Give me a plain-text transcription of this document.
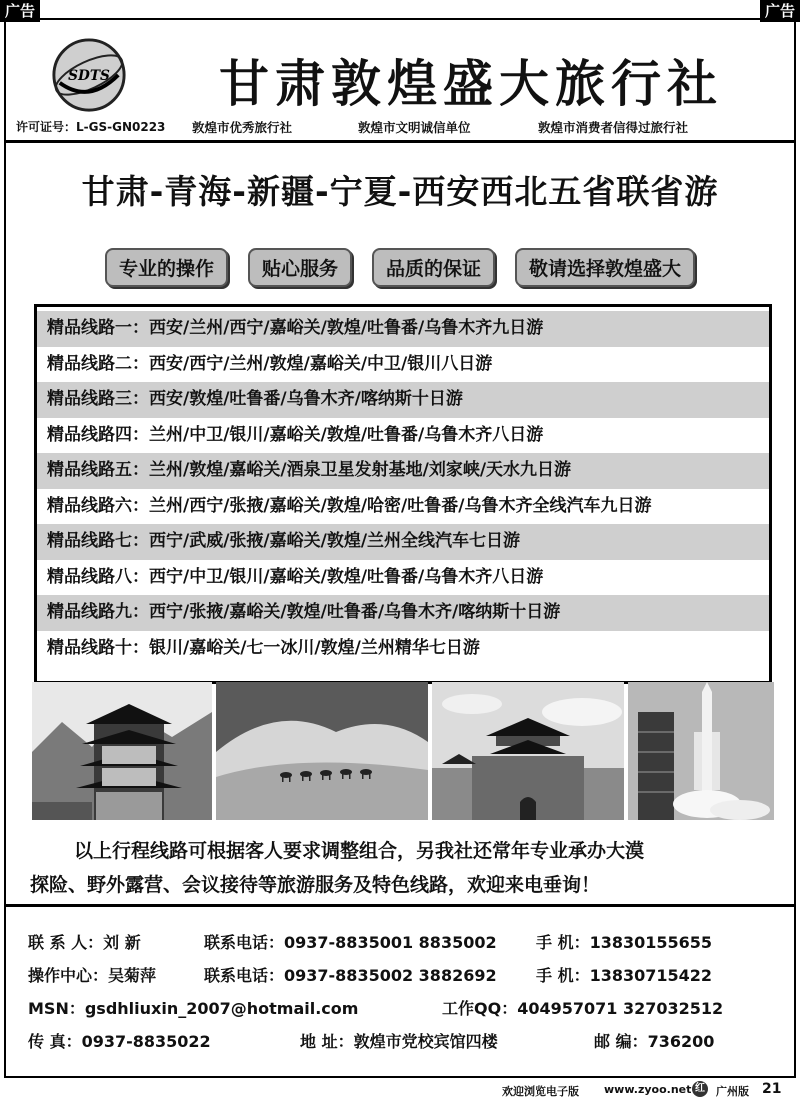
广告	广告
SDTS	甘肃敦煌盛大旅行社
许可证号：L-GS-GN0223 敦煌市优秀旅行社	敦煌市文明诚信单位	敦煌市消费者信得过旅行社
甘肃-青海-新疆-宁夏-西安西北五省联省游
专业的操作	贴心服务	品质的保证	敬请选择敦煌盛大
精品线路一：西安/兰州/西宁/嘉峪关/敦煌/吐鲁番/乌鲁木齐九日游
精品线路二：西安/西宁/兰州/敦煌/嘉峪关/中卫/银川八日游
精品线路三：西安/敦煌/吐鲁番/乌鲁木齐/喀纳斯十日游
精品线路四：兰州/中卫/银川/嘉峪关/敦煌/吐鲁番/乌鲁木齐八日游
精品线路五：兰州/敦煌/嘉峪关/酒泉卫星发射基地/刘家峡/天水九日游
精品线路六：兰州/西宁/张掖/嘉峪关/敦煌/哈密/吐鲁番/乌鲁木齐全线汽车九日游
精品线路七：西宁/武威/张掖/嘉峪关/敦煌/兰州全线汽车七日游
精品线路八：西宁/中卫/银川/嘉峪关/敦煌/吐鲁番/乌鲁木齐八日游
精品线路九：西宁/张掖/嘉峪关/敦煌/吐鲁番/乌鲁木齐/喀纳斯十日游
精品线路十：银川/嘉峪关/七一冰川/敦煌/兰州精华七日游
以上行程线路可根据客人要求调整组合，另我社还常年专业承办大漠
探险、野外露营、会议接待等旅游服务及特色线路，欢迎来电垂询！
联 系 人：刘 新	联系电话：0937-8835001 8835002 手 机：13830155655
操作中心：吴菊萍	联系电话：0937-8835002 3882692 手 机：13830715422
MSN：gsdhliuxin_2007@hotmail.com	工作QQ：404957071 327032512
传 真：0937-8835022	地 址：敦煌市党校宾馆四楼	邮 编：736200
欢迎浏览电子版 www.zyoo.net 红 广州版 21
